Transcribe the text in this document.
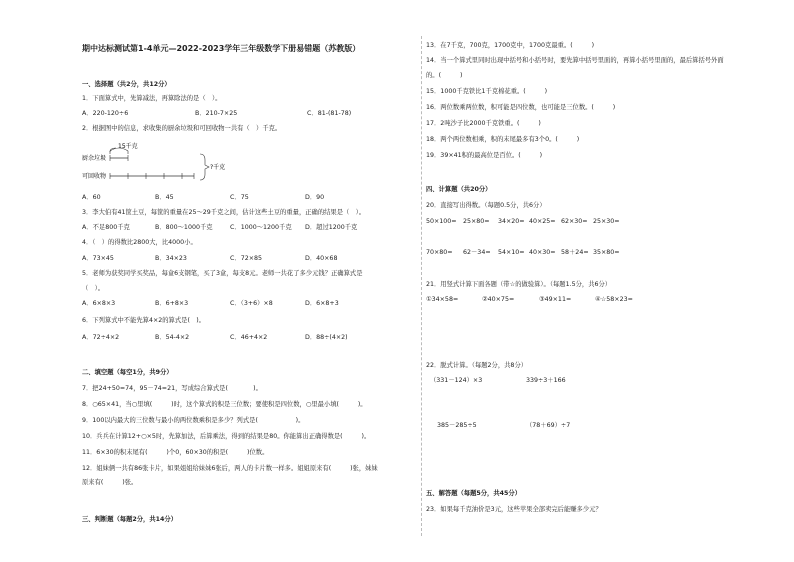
期中达标测试第1-4单元—2022-2023学年三年级数学下册易错题（苏教版）
一、选择题（共2分，共12分）
1．下面算式中，先算减法，再算除法的是（　）。
A．220-120÷6	B．210-7×25	C．81-(81-78)
2．根据图中的信息，求收集的厨余垃圾和可回收物一共有（　）千克。
15千克
厨余垃圾
可回收物
?千克
A．60	B．45	C．75	D．90
3．李大伯有41筐土豆，每筐的重量在25～29千克之间，估计这些土豆的重量，正确的结果是（　）。
A．不足800千克	B．800～1000千克	C．1000～1200千克 D．超过1200千克
4．（　）的得数比2800大，比4000小。
A．73×45	B．34×23	C．72×85	D．40×68
5．老师为获奖同学买奖品，每盒6支钢笔，买了3盒，每支8元。老师一共花了多少元钱？正确算式是
（　）。
A．6×8×3	B．6+8×3	C．（3+6）×8	D．6×8+3
6．下列算式中不能先算4×2的算式是(　)。
A．72÷4×2	B．54-4×2	C．46+4×2	D．88÷(4×2)
二、填空题（每空1分，共9分）
7．把24+50=74，95－74=21，写成综合算式是(　　　　)。
8．○65×41，当○里填(　　　)时，这个算式的积是三位数；要使积是四位数，○里最小填(　　　)。
9．100以内最大的三位数与最小的两位数乘积是多少？列式是(　　　　　　)。
10．兵兵在计算12+○×5时，先算加法，后算乘法，得到的结果是80。你能算出正确得数是(　　　)。
11．6×30的积末尾有(　　　)个0，60×30的积是(　　　)位数。
12．姐妹俩一共有86张卡片，如果姐姐给妹妹6张后，两人的卡片数一样多。姐姐原来有(　　　)张，妹妹
原来有(　　　)张。
三、判断题（每题2分，共14分）
13．在7千克，700克，1700克中，1700克最重。(　　　)
14．当一个算式里同时出现中括号和小括号时，要先算中括号里面的，再算小括号里面的，最后算括号外面
的。(　　　)
15．1000千克铁比1千克棉花重。(　　　)
16．两位数乘两位数，积可能是四位数，也可能是三位数。(　　　)
17．2吨沙子比2000千克铁重。(　　　)
18．两个两位数相乘，积的末尾最多有3个0。(　　　)
19．39×41积的最高位是百位。(　　　)
四、计算题（共20分）
20．直接写出得数。（每题0.5分，共6分）
50×100= 25×80= 34×20= 40×25= 62×30= 25×30=
70×80= 62－34= 54×10= 40×30= 58＋24= 35×80=
21．用竖式计算下面各题（带☆的做验算）。（每题1.5分，共6分）
①34×58=	②40×75=	③49×11=	④☆58×23=
22．脱式计算。（每题2分，共8分）
（331－124）×3	339÷3＋166
385－285÷5	（78＋69）÷7
五、解答题（每题5分，共45分）
23．如果每千克油价是3元，这些苹果全部卖完后能赚多少元？
